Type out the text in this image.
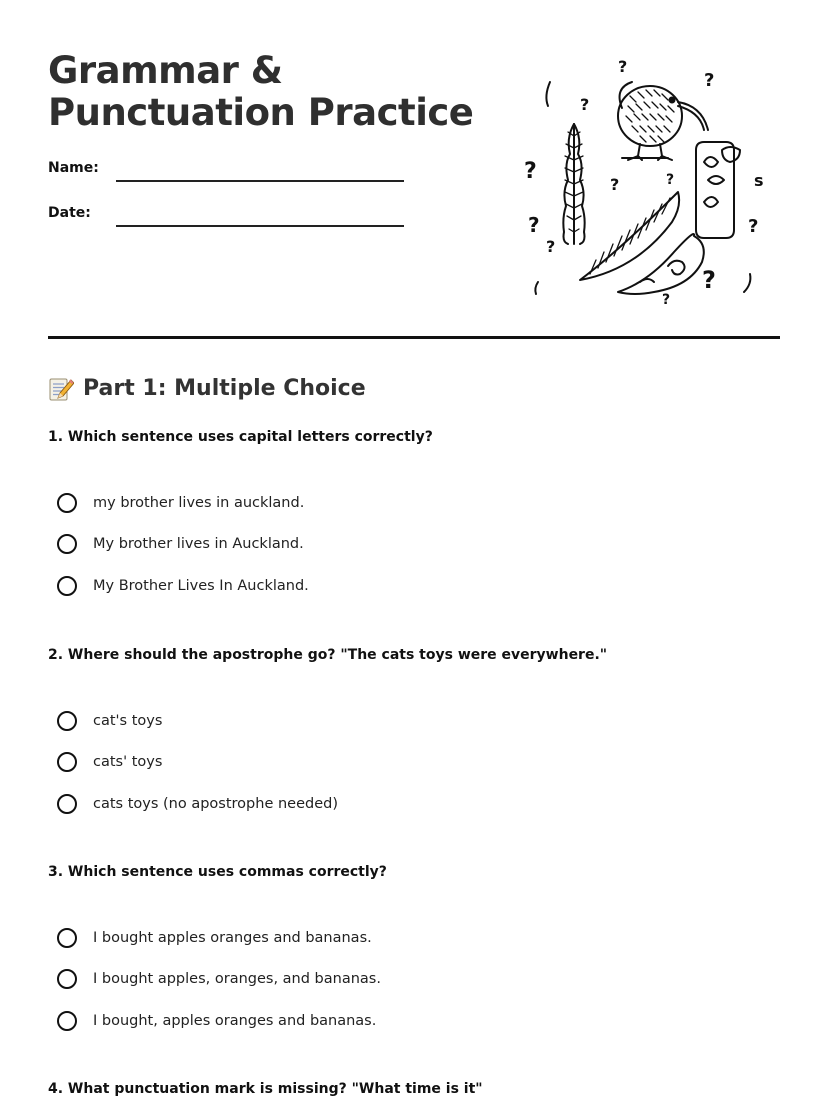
Grammar &
Punctuation Practice
Name:
Date:
?
?
?
?
?	?	s
?
?
?
?
?
Part 1: Multiple Choice
1. Which sentence uses capital letters correctly?
my brother lives in auckland.
My brother lives in Auckland.
My Brother Lives In Auckland.
2. Where should the apostrophe go? "The cats toys were everywhere."
cat's toys
cats' toys
cats toys (no apostrophe needed)
3. Which sentence uses commas correctly?
I bought apples oranges and bananas.
I bought apples, oranges, and bananas.
I bought, apples oranges and bananas.
4. What punctuation mark is missing? "What time is it"
